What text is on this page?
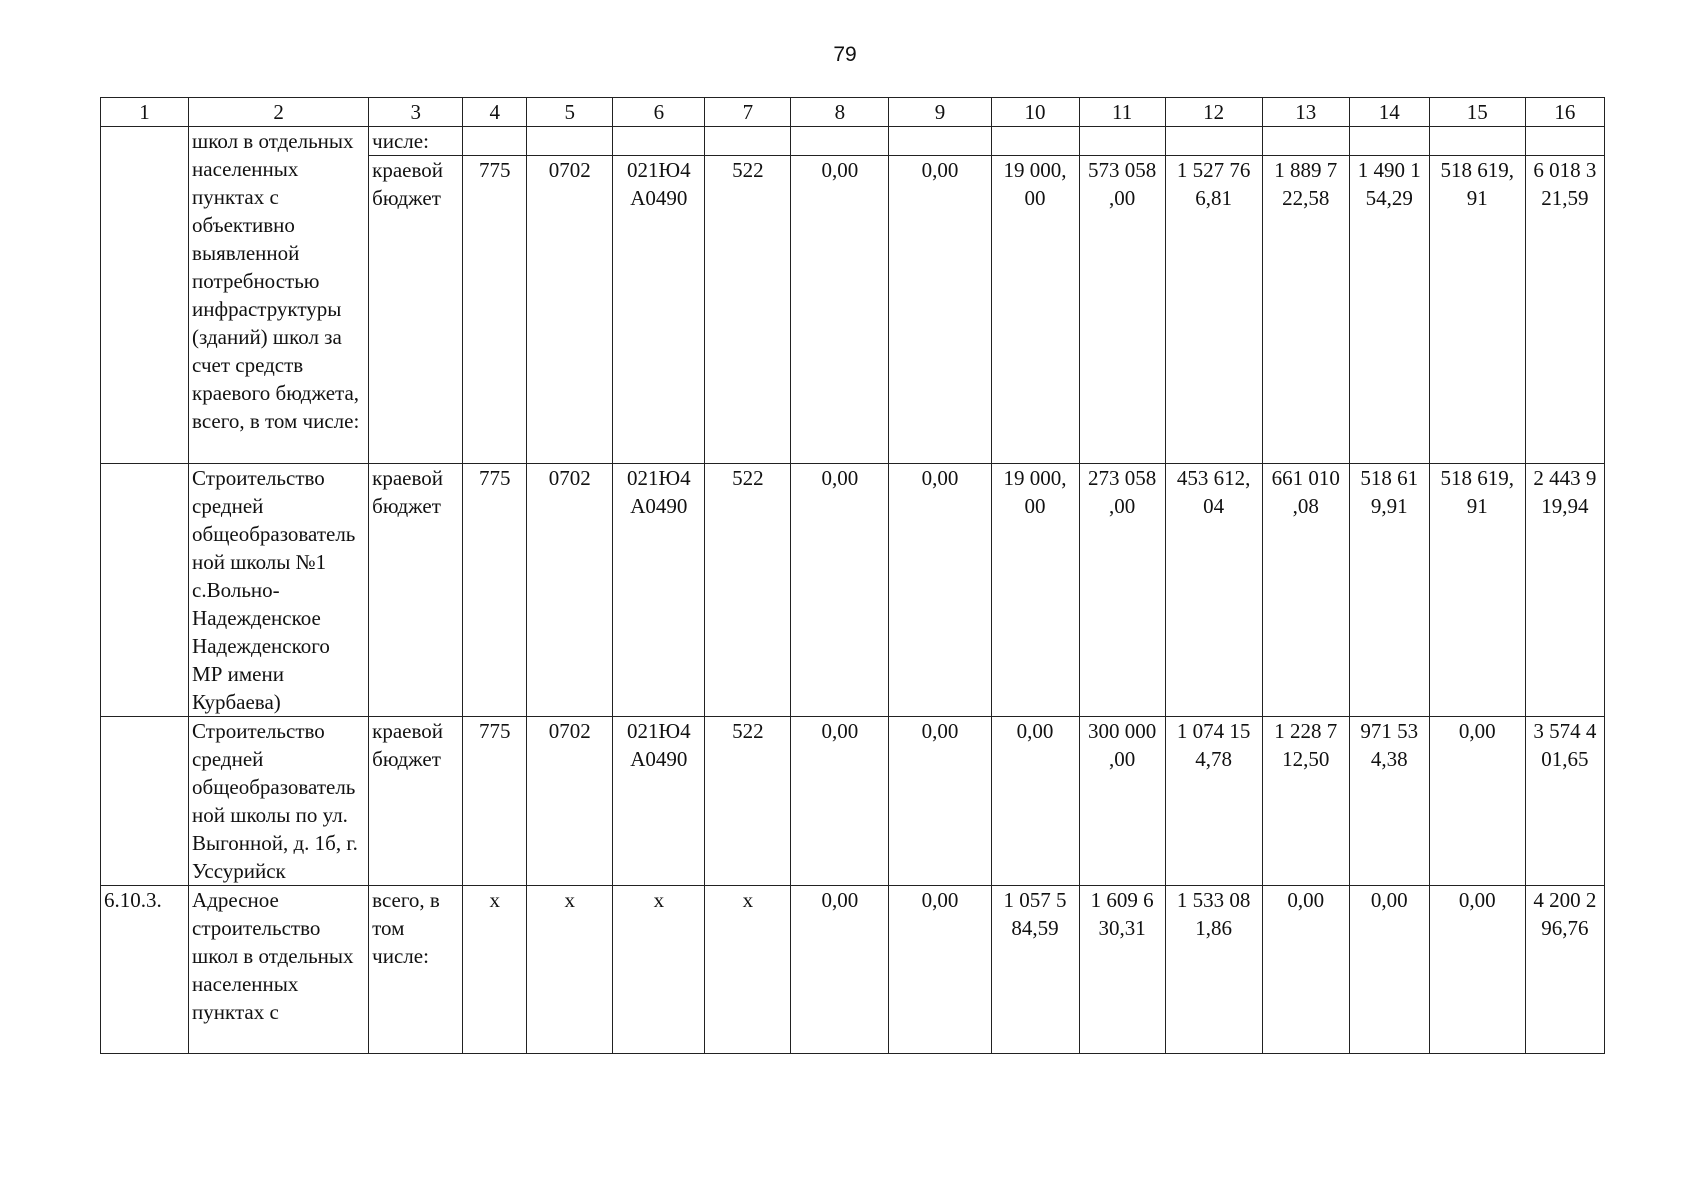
79
1	2	3	4	5	6	7	8	9	10	11	12	13	14	15	16
	школ в отдельных населенных пунктах с объективно выявленной потребностью инфраструктуры (зданий) школ за счет средств краевого бюджета, всего, в том числе:	числе:													
		краевой бюджет	775	0702	021Ю4 А0490	522	0,00	0,00	19 000, 00	573 058 ,00	1 527 76 6,81	1 889 7 22,58	1 490 1 54,29	518 619, 91	6 018 3 21,59
	Строительство средней общеобразовательной школы №1 с.Вольно-Надежденское Надежденского МР имени Курбаева)	краевой бюджет	775	0702	021Ю4 А0490	522	0,00	0,00	19 000, 00	273 058 ,00	453 612, 04	661 010 ,08	518 61 9,91	518 619, 91	2 443 9 19,94
	Строительство средней общеобразовательной школы по ул. Выгонной, д. 1б, г. Уссурийск	краевой бюджет	775	0702	021Ю4 А0490	522	0,00	0,00	0,00	300 000 ,00	1 074 15 4,78	1 228 7 12,50	971 53 4,38	0,00	3 574 4 01,65
6.10.3.	Адресное строительство школ в отдельных населенных пунктах с	всего, в том числе:	х	х	х	х	0,00	0,00	1 057 5 84,59	1 609 6 30,31	1 533 08 1,86	0,00	0,00	0,00	4 200 2 96,76
